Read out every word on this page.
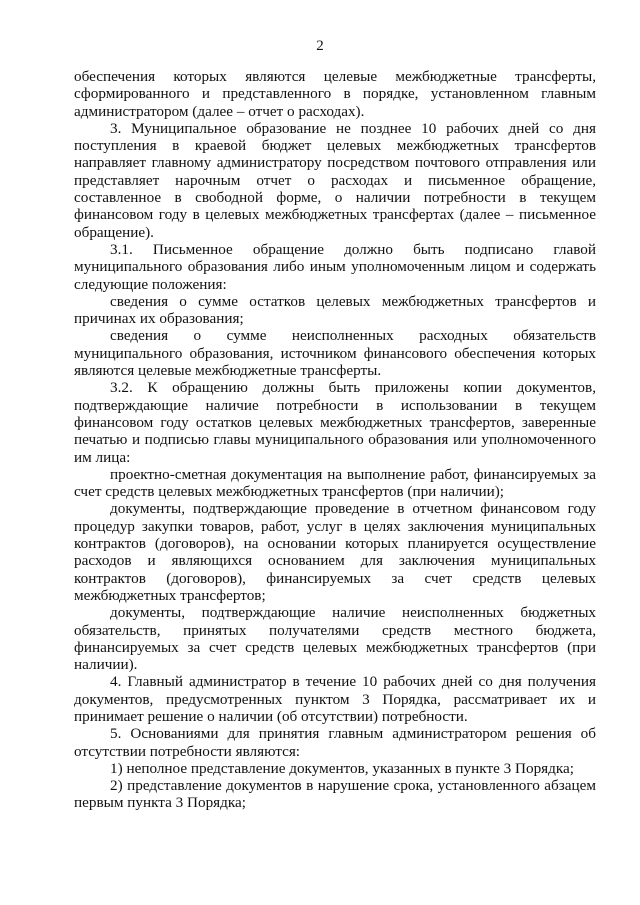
2

обеспечения которых являются целевые межбюджетные трансферты, сформированного и представленного в порядке, установленном главным администратором (далее – отчет о расходах).

3. Муниципальное образование не позднее 10 рабочих дней со дня поступления в краевой бюджет целевых межбюджетных трансфертов направляет главному администратору посредством почтового отправления или представляет нарочным отчет о расходах и письменное обращение, составленное в свободной форме, о наличии потребности в текущем финансовом году в целевых межбюджетных трансфертах (далее – письменное обращение).

3.1. Письменное обращение должно быть подписано главой муниципального образования либо иным уполномоченным лицом и содержать следующие положения:

сведения о сумме остатков целевых межбюджетных трансфертов и причинах их образования;

сведения о сумме неисполненных расходных обязательств муниципального образования, источником финансового обеспечения которых являются целевые межбюджетные трансферты.

3.2. К обращению должны быть приложены копии документов, подтверждающие наличие потребности в использовании в текущем финансовом году остатков целевых межбюджетных трансфертов, заверенные печатью и подписью главы муниципального образования или уполномоченного им лица:

проектно-сметная документация на выполнение работ, финансируемых за счет средств целевых межбюджетных трансфертов (при наличии);

документы, подтверждающие проведение в отчетном финансовом году процедур закупки товаров, работ, услуг в целях заключения муниципальных контрактов (договоров), на основании которых планируется осуществление расходов и являющихся основанием для заключения муниципальных контрактов (договоров), финансируемых за счет средств целевых межбюджетных трансфертов;

документы, подтверждающие наличие неисполненных бюджетных обязательств, принятых получателями средств местного бюджета, финансируемых за счет средств целевых межбюджетных трансфертов (при наличии).

4. Главный администратор в течение 10 рабочих дней со дня получения документов, предусмотренных пунктом 3 Порядка, рассматривает их и принимает решение о наличии (об отсутствии) потребности.

5. Основаниями для принятия главным администратором решения об отсутствии потребности являются:

1) неполное представление документов, указанных в пункте 3 Порядка;

2) представление документов в нарушение срока, установленного абзацем первым пункта 3 Порядка;
